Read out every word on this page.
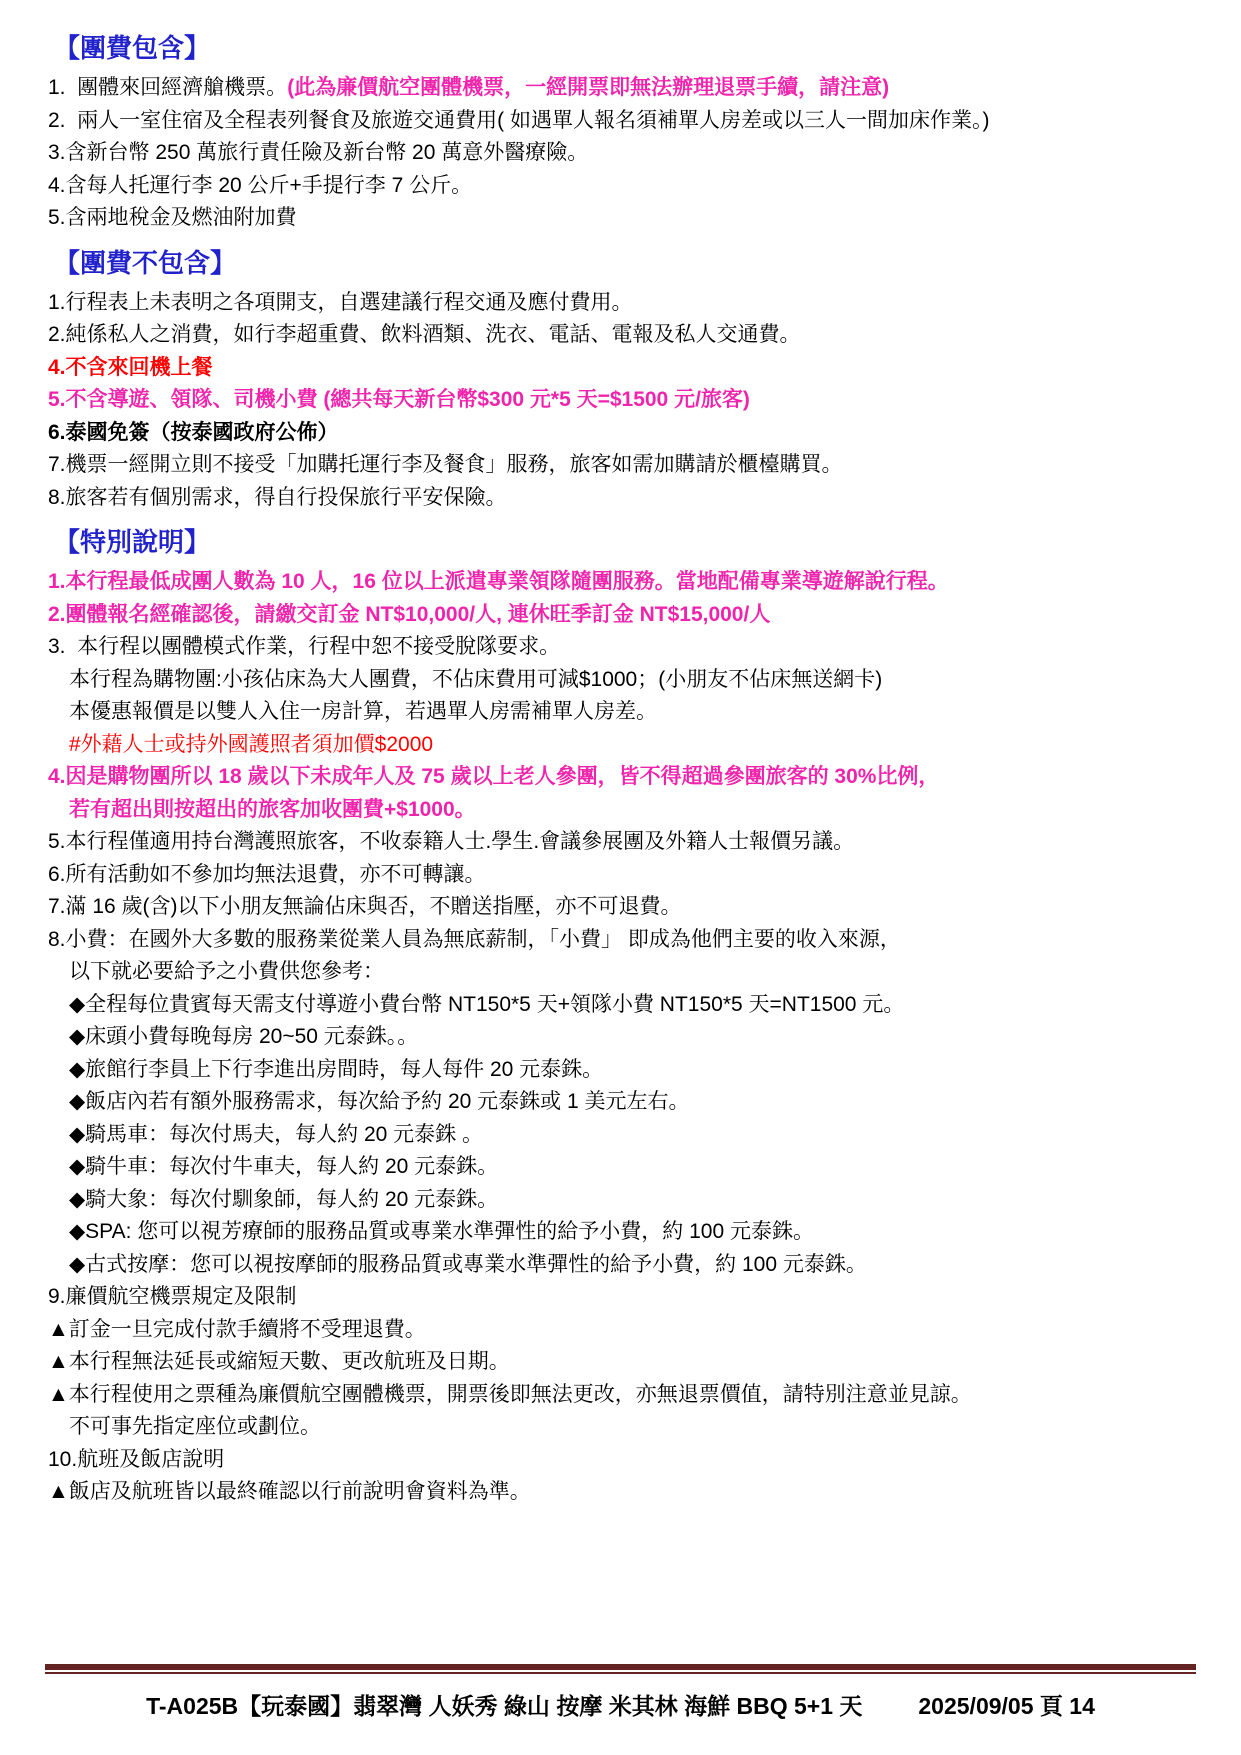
【團費包含】
1.  團體來回經濟艙機票。(此為廉價航空團體機票，一經開票即無法辦理退票手續，請注意)
2.  兩人一室住宿及全程表列餐食及旅遊交通費用( 如遇單人報名須補單人房差或以三人一間加床作業。)
3.含新台幣 250 萬旅行責任險及新台幣 20 萬意外醫療險。
4.含每人托運行李 20 公斤+手提行李 7 公斤。
5.含兩地稅金及燃油附加費
【團費不包含】
1.行程表上未表明之各項開支，自選建議行程交通及應付費用。
2.純係私人之消費，如行李超重費、飲料酒類、洗衣、電話、電報及私人交通費。
4.不含來回機上餐
5.不含導遊、領隊、司機小費 (總共每天新台幣$300 元*5 天=$1500 元/旅客)
6.泰國免簽（按泰國政府公佈）
7.機票一經開立則不接受「加購托運行李及餐食」服務，旅客如需加購請於櫃檯購買。
8.旅客若有個別需求，得自行投保旅行平安保險。
【特別說明】
1.本行程最低成團人數為 10 人，16 位以上派遣專業領隊隨團服務。當地配備專業導遊解說行程。
2.團體報名經確認後，請繳交訂金 NT$10,000/人, 連休旺季訂金 NT$15,000/人
3.  本行程以團體模式作業，行程中恕不接受脫隊要求。
本行程為購物團:小孩佔床為大人團費，不佔床費用可減$1000；(小朋友不佔床無送網卡)
本優惠報價是以雙人入住一房計算，若遇單人房需補單人房差。
#外藉人士或持外國護照者須加價$2000
4.因是購物團所以 18 歲以下未成年人及 75 歲以上老人參團，皆不得超過參團旅客的 30%比例，
若有超出則按超出的旅客加收團費+$1000。
5.本行程僅適用持台灣護照旅客，不收泰籍人士.學生.會議參展團及外籍人士報價另議。
6.所有活動如不參加均無法退費，亦不可轉讓。
7.滿 16 歲(含)以下小朋友無論佔床與否，不贈送指壓，亦不可退費。
8.小費：在國外大多數的服務業從業人員為無底薪制，「小費」 即成為他們主要的收入來源，
以下就必要給予之小費供您參考：
◆全程每位貴賓每天需支付導遊小費台幣 NT150*5 天+領隊小費 NT150*5 天=NT1500 元。
◆床頭小費每晚每房 20~50 元泰銖。。
◆旅館行李員上下行李進出房間時，每人每件 20 元泰銖。
◆飯店內若有額外服務需求，每次給予約 20 元泰銖或 1 美元左右。
◆騎馬車：每次付馬夫，每人約 20 元泰銖 。
◆騎牛車：每次付牛車夫，每人約 20 元泰銖。
◆騎大象：每次付馴象師，每人約 20 元泰銖。
◆SPA: 您可以視芳療師的服務品質或專業水準彈性的給予小費，約 100 元泰銖。
◆古式按摩：您可以視按摩師的服務品質或專業水準彈性的給予小費，約 100 元泰銖。
9.廉價航空機票規定及限制
▲訂金一旦完成付款手續將不受理退費。
▲本行程無法延長或縮短天數、更改航班及日期。
▲本行程使用之票種為廉價航空團體機票，開票後即無法更改，亦無退票價值，請特別注意並見諒。
不可事先指定座位或劃位。
10.航班及飯店說明
▲飯店及航班皆以最終確認以行前說明會資料為準。
T-A025B【玩泰國】翡翠灣 人妖秀 綠山 按摩 米其林 海鮮 BBQ 5+1 天 2025/09/05 頁 14
